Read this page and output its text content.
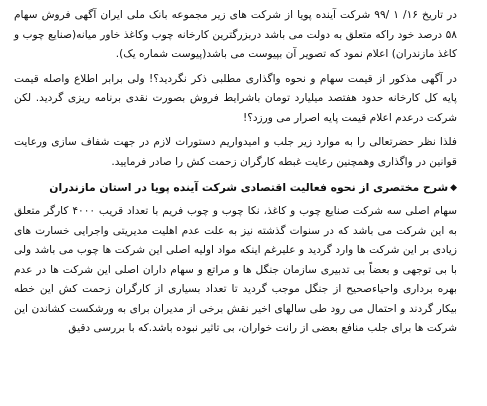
در تاریخ ۱۶/ ۱ /۹۹ شرکت آینده پویا از شرکت های زیر مجموعه بانک ملی ایران آگهی فروش سهام ۵۸ درصد خود راکه متعلق به دولت می باشد دربزرگترین کارخانه چوب وکاغذ خاور میانه(صنایع چوب و کاغذ مازندران) اعلام نمود که تصویر آن بپیوست می باشد(پیوست شماره یک).

در آگهی مذکور از قیمت سهام و نحوه واگذاری مطلبی ذکر نگردید؟! ولی برابر اطلاع واصله قیمت پایه کل کارخانه حدود هفتصد میلیارد تومان باشرایط فروش بصورت نقدی برنامه ریزی گردید. لکن شرکت درعدم اعلام قیمت پایه اصرار می ورزد؟!

فلذا نظر حضرتعالی را به موارد زیر جلب و امیدواریم دستورات لازم در جهت شفاف سازی ورعایت قوانین در واگذاری وهمچنین رعایت غبطه کارگران زحمت کش را صادر فرمایید.

◆
شرح مختصری از نحوه فعالیت اقتصادی شرکت آینده پویا در استان مازندران

سهام اصلی سه شرکت صنایع چوب و کاغذ، نکا چوب و چوب فریم با تعداد قریب ۴۰۰۰ کارگر متعلق به این شرکت می باشد که در سنوات گذشته نیز به علت عدم اهلیت مدیریتی واجرایی خسارت های زیادی بر این شرکت ها وارد گردید و علیرغم اینکه مواد اولیه اصلی این شرکت ها چوب می باشد ولی با بی توجهی و بعضاً بی تدبیری سازمان جنگل ها و مراتع و سهام داران اصلی این شرکت ها در عدم بهره برداری واحیاءصحیح از جنگل موجب گردید تا تعداد بسیاری از کارگران زحمت کش این خطه بیکار گردند و احتمال می رود طی سالهای اخیر نقش برخی از مدیران برای به ورشکست کشاندن این شرکت ها برای جلب منافع بعضی از رانت خواران، بی تاثیر نبوده باشد.که با بررسی دقیق
